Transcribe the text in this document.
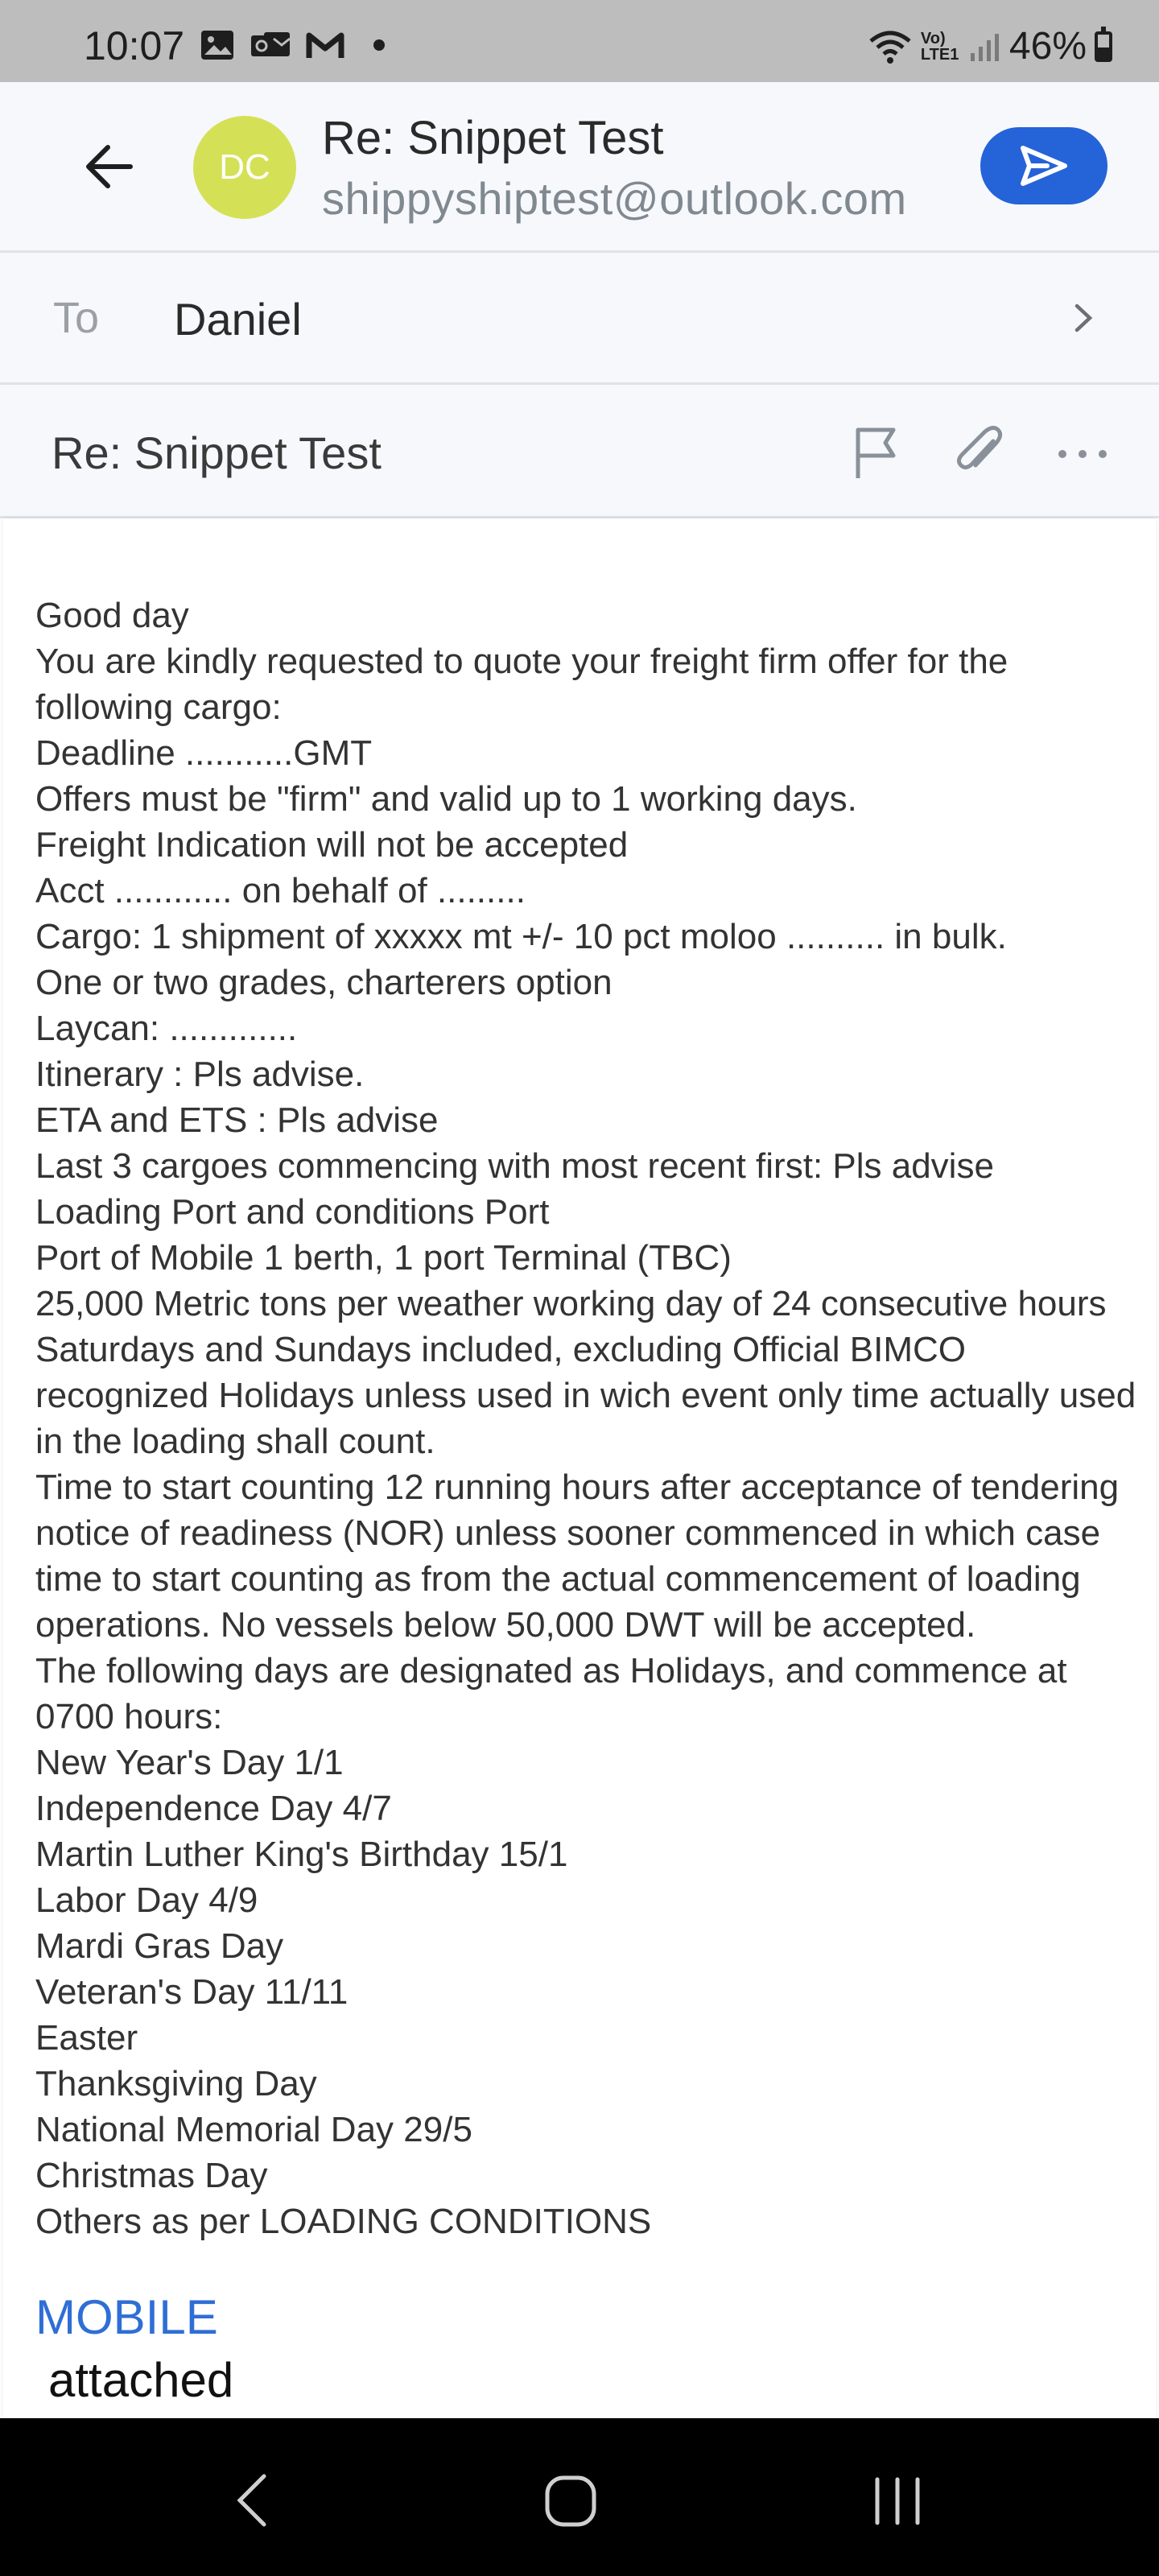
10:07	Vo) LTE1 46%
DC
Re: Snippet Test
shippyshiptest@outlook.com
To Daniel
Re: Snippet Test
Good day
You are kindly requested to quote your freight firm offer for the following cargo:
Deadline ...........GMT
Offers must be "firm" and valid up to 1 working days.
Freight Indication will not be accepted
Acct ............ on behalf of .........
Cargo: 1 shipment of xxxxx mt +/- 10 pct moloo .......... in bulk.
One or two grades, charterers option
Laycan: .............
Itinerary : Pls advise.
ETA and ETS : Pls advise
Last 3 cargoes commencing with most recent first: Pls advise
Loading Port and conditions Port
Port of Mobile 1 berth, 1 port Terminal (TBC)
25,000 Metric tons per weather working day of 24 consecutive hours Saturdays and Sundays included, excluding Official BIMCO recognized Holidays unless used in wich event only time actually used in the loading shall count.
Time to start counting 12 running hours after acceptance of tendering notice of readiness (NOR) unless sooner commenced in which case time to start counting as from the actual commencement of loading operations. No vessels below 50,000 DWT will be accepted.
The following days are designated as Holidays, and commence at 0700 hours:
New Year's Day 1/1
Independence Day 4/7
Martin Luther King's Birthday 15/1
Labor Day 4/9
Mardi Gras Day
Veteran's Day 11/11
Easter
Thanksgiving Day
National Memorial Day 29/5
Christmas Day
Others as per LOADING CONDITIONS
MOBILE
attached
